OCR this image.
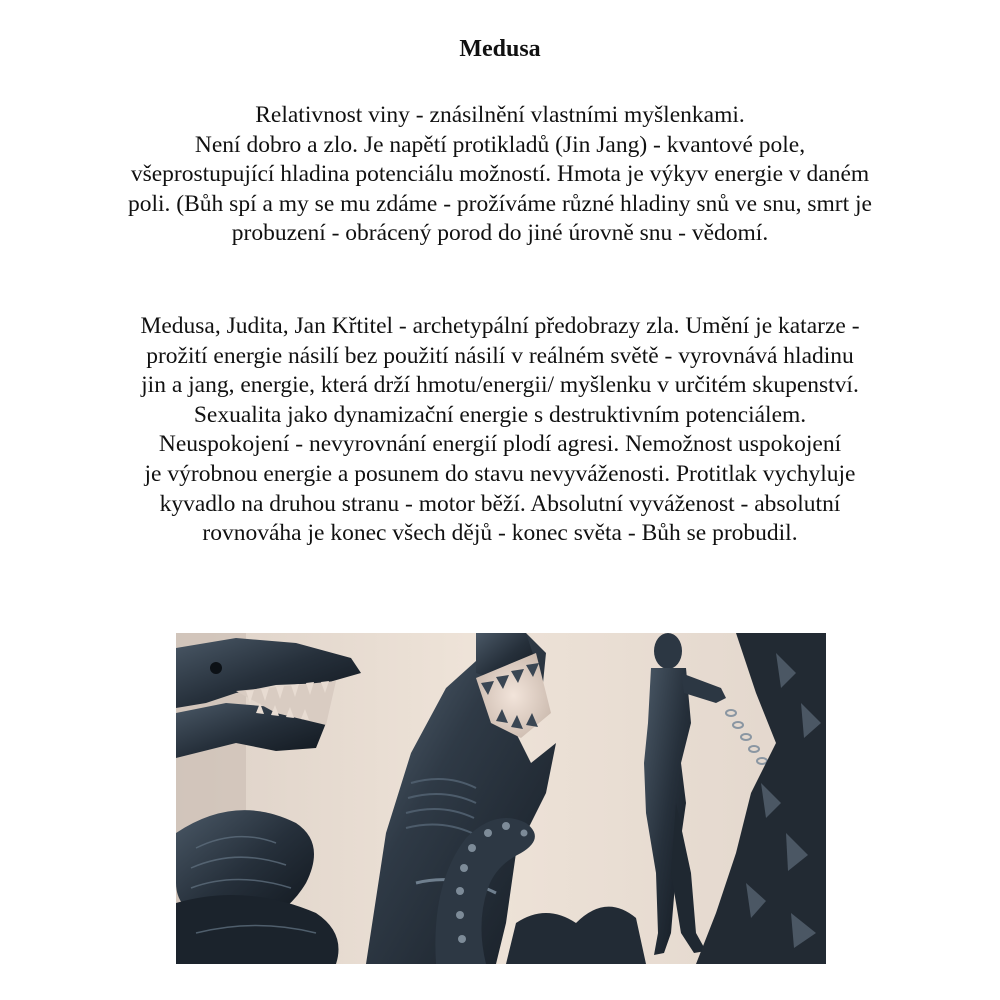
Medusa
Relativnost viny - znásilnění vlastními myšlenkami.
Není dobro a zlo. Je napětí protikladů (Jin Jang) - kvantové pole,
všeprostupující hladina potenciálu možností. Hmota je výkyv energie v daném
poli. (Bůh spí a my se mu zdáme - prožíváme různé hladiny snů ve snu, smrt je
probuzení - obrácený porod do jiné úrovně snu - vědomí.
Medusa, Judita, Jan Křtitel - archetypální předobrazy zla. Umění je katarze -
prožití energie násilí bez použití násilí v reálném světě - vyrovnává hladinu
jin a jang, energie, která drží hmotu/energii/ myšlenku v určitém skupenství.
Sexualita jako dynamizační energie s destruktivním potenciálem.
Neuspokojení - nevyrovnání energií plodí agresi. Nemožnost uspokojení
je výrobnou energie a posunem do stavu nevyváženosti. Protitlak vychyluje
kyvadlo na druhou stranu - motor běží. Absolutní vyváženost - absolutní
rovnováha je konec všech dějů - konec světa - Bůh se probudil.
